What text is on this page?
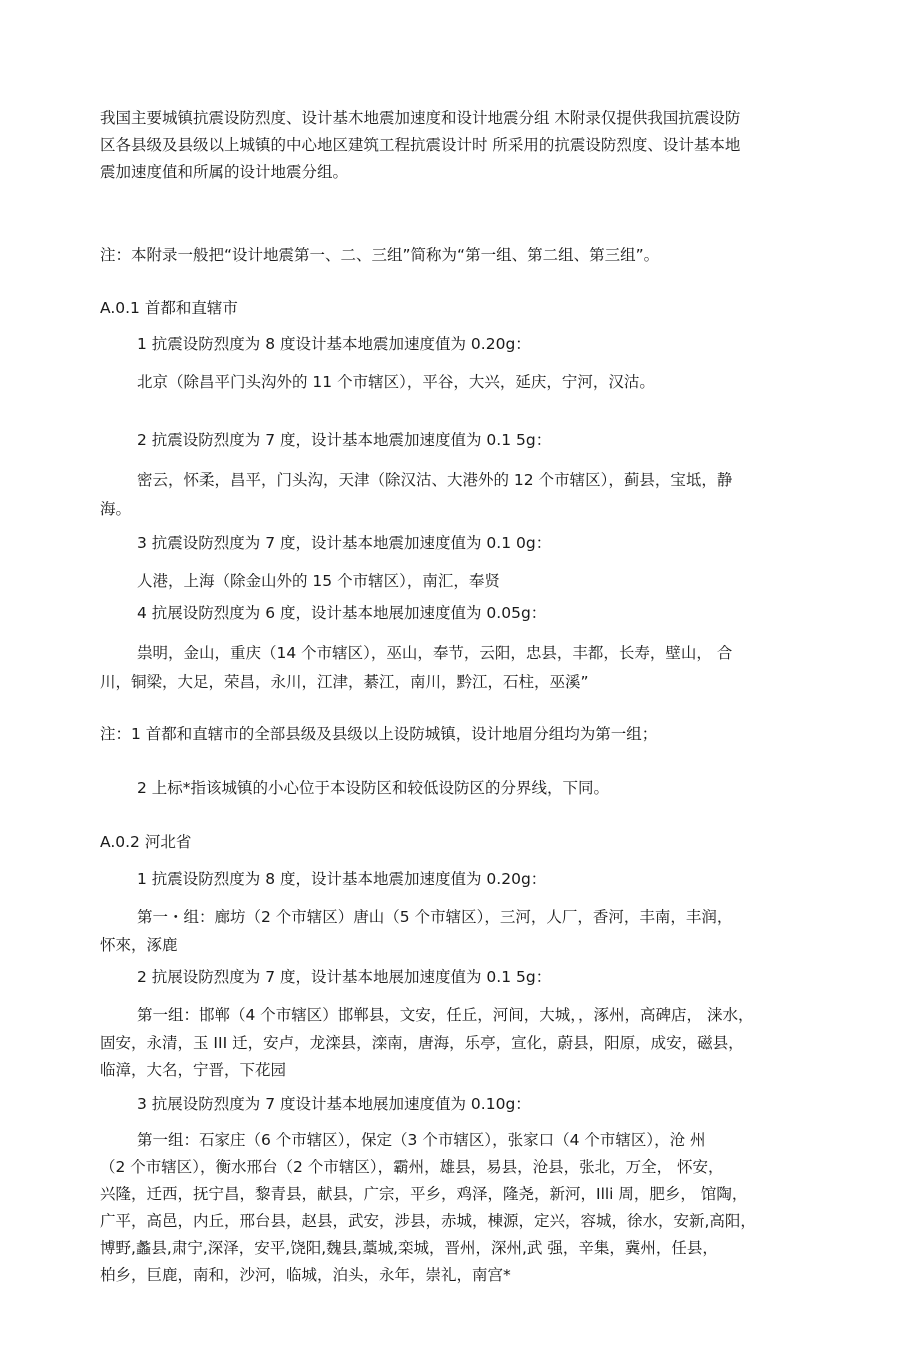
我国主要城镇抗震设防烈度、设计基木地震加速度和设计地震分组 木附录仅提供我国抗震设防
区各县级及县级以上城镇的中心地区建筑工程抗震设计时 所采用的抗震设防烈度、设计基本地
震加速度值和所属的设计地震分组。
注：本附录一般把“设计地震第一、二、三组”简称为“第一组、第二组、第三组”。
A.0.1 首都和直辖市
1 抗震设防烈度为 8 度设计基本地震加速度值为 0.20g：
北京（除昌平门头沟外的 11 个市辖区），平谷，大兴，延庆，宁河，汉沽。
2 抗震设防烈度为 7 度，设计基本地震加速度值为 0.1 5g：
密云，怀柔，昌平，门头沟，天津（除汉沽、大港外的 12 个市辖区），蓟县，宝坻，静
海。
3 抗震设防烈度为 7 度，设计基本地震加速度值为 0.1 0g：
人港，上海（除金山外的 15 个市辖区），南汇，奉贤
4 抗展设防烈度为 6 度，设计基本地展加速度值为 0.05g：
祟明，金山，重庆（14 个市辖区），巫山，奉节，云阳，忠县，丰都，长寿，壁山， 合
川，铜梁，大足，荣昌，永川，江津，綦江，南川，黔江，石柱，巫溪”
注：1 首都和直辖市的全部县级及县级以上设防城镇，设计地眉分组均为第一组；
2 上标*指该城镇的小心位于本设防区和较低设防区的分界线，下同。
A.0.2 河北省
1 抗震设防烈度为 8 度，设计基本地震加速度值为 0.20g：
第一・组：廊坊（2 个市辖区）唐山（5 个市辖区），三河，人厂，香河，丰南，丰润，
怀來，涿鹿
2 抗展设防烈度为 7 度，设计基本地展加速度值为 0.1 5g：
第一组：邯郸（4 个市辖区）邯郸县，文安，任丘，河间，大城，，涿州，高碑店， 涞水，
固安，永清，玉 III 迁，安卢，龙滦县，滦南，唐海，乐亭，宣化，蔚县，阳原，成安，磁县，
临漳，大名，宁晋，下花园
3 抗展设防烈度为 7 度设计基本地展加速度值为 0.10g：
第一组：石家庄（6 个市辖区），保定（3 个市辖区），张家口（4 个市辖区），沧 州
（2 个市辖区），衡水邢台（2 个市辖区），霸州，雄县，易县，沧县，张北，万全， 怀安，
兴隆，迁西，抚宁昌，黎青县，献县，广宗，平乡，鸡泽，隆尧，新河，Illi 周，肥乡， 馆陶，
广平，高邑，内丘，邢台县，赵县，武安，涉县，赤城，棟源，定兴，容城，徐水，安新,高阳，
博野,蠡县,肃宁,深泽，安平,饶阳,魏县,藁城,栾城，晋州，深州,武 强，辛集，冀州，任县，
柏乡，巨鹿，南和，沙河，临城，泊头，永年，崇礼，南宫*
